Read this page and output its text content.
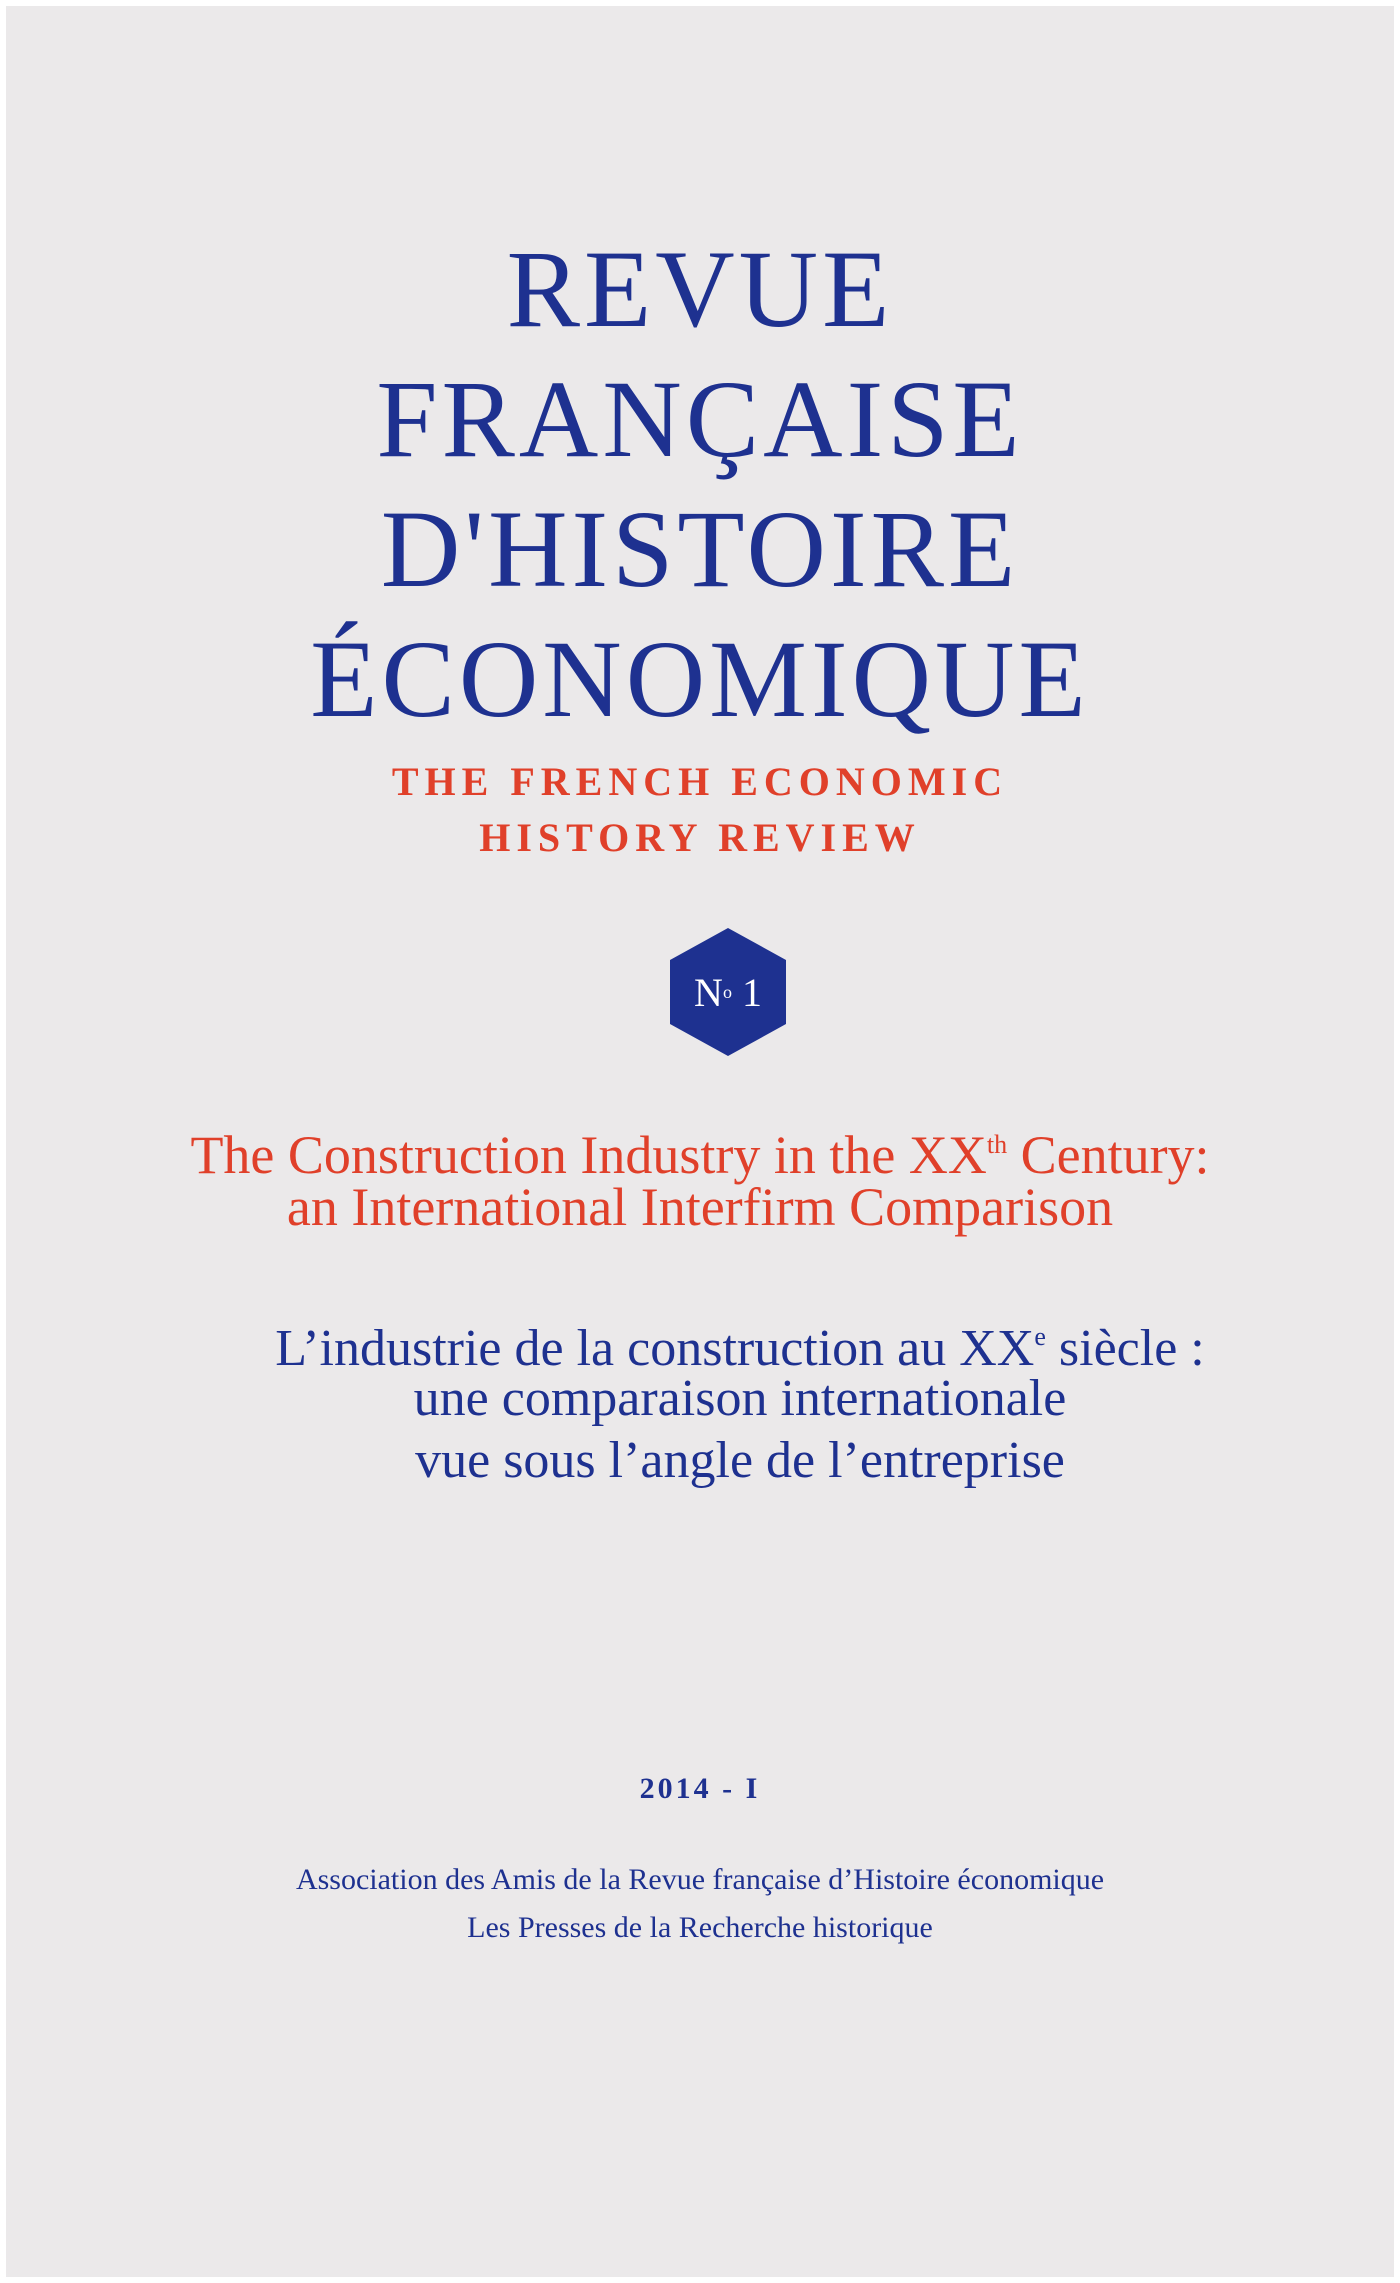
REVUE
FRANÇAISE
D'HISTOIRE
ÉCONOMIQUE
THE FRENCH ECONOMIC
HISTORY REVIEW
N o
1
The Construction Industry in the XXth Century:
an International Interfirm Comparison
L’industrie de la construction au XXe siècle :
une comparaison internationale
vue sous l’angle de l’entreprise
2014 - I
Association des Amis de la Revue française d’Histoire économique
Les Presses de la Recherche historique
